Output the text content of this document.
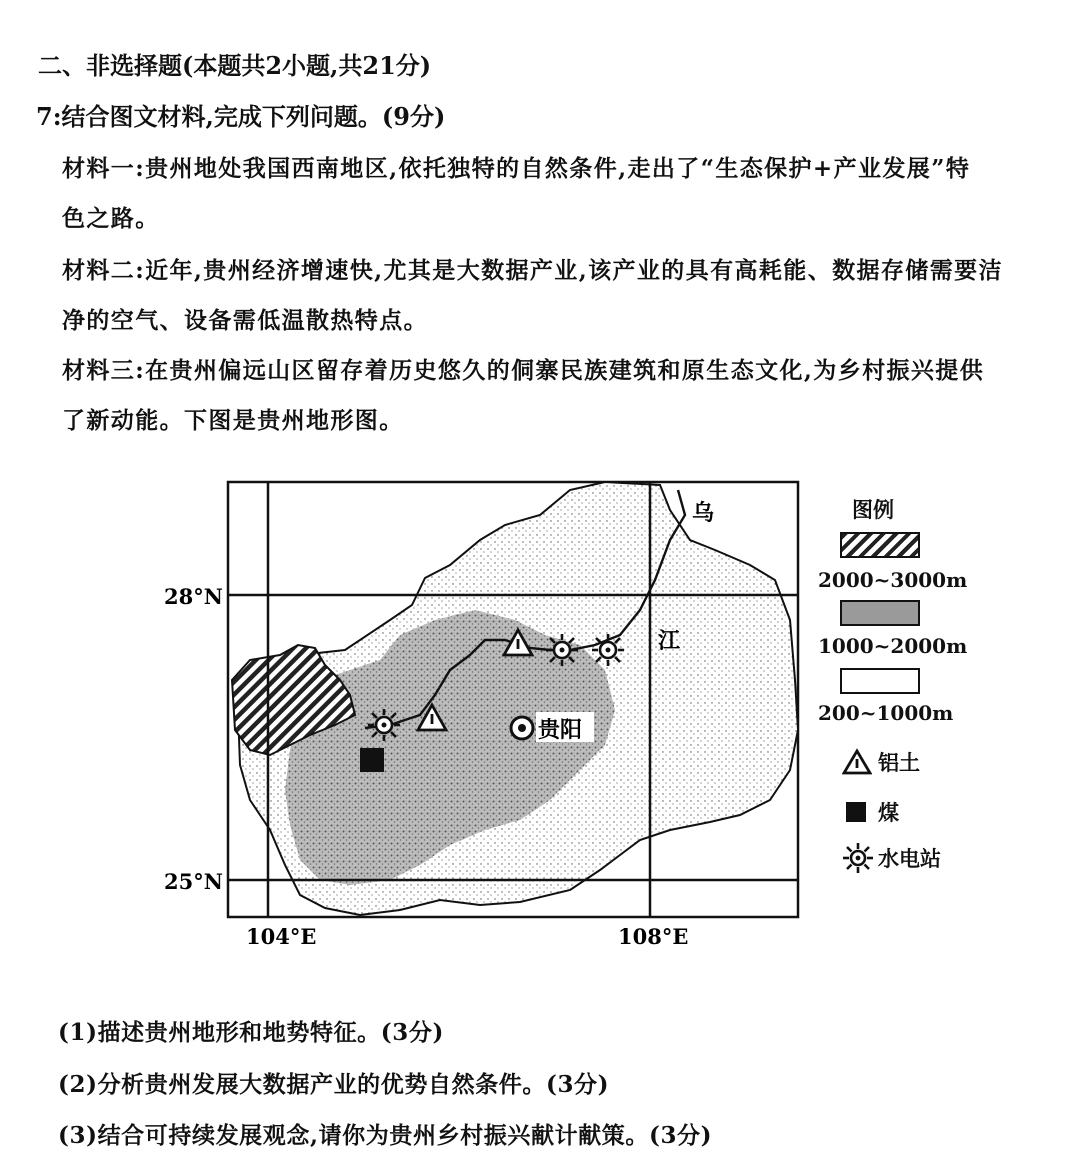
二、非选择题(本题共2小题,共21分)
7:结合图文材料,完成下列问题。(9分)
材料一:贵州地处我国西南地区,依托独特的自然条件,走出了“生态保护+产业发展”特
色之路。
材料二:近年,贵州经济增速快,尤其是大数据产业,该产业的具有高耗能、数据存储需要洁
净的空气、设备需低温散热特点。
材料三:在贵州偏远山区留存着历史悠久的侗寨民族建筑和原生态文化,为乡村振兴提供
了新动能。下图是贵州地形图。
28°N
25°N
104°E	108°E
乌
江
贵阳
图例
2000~3000m
1000~2000m
200~1000m
铝土
煤
水电站
(1)描述贵州地形和地势特征。(3分)
(2)分析贵州发展大数据产业的优势自然条件。(3分)
(3)结合可持续发展观念,请你为贵州乡村振兴献计献策。(3分)
